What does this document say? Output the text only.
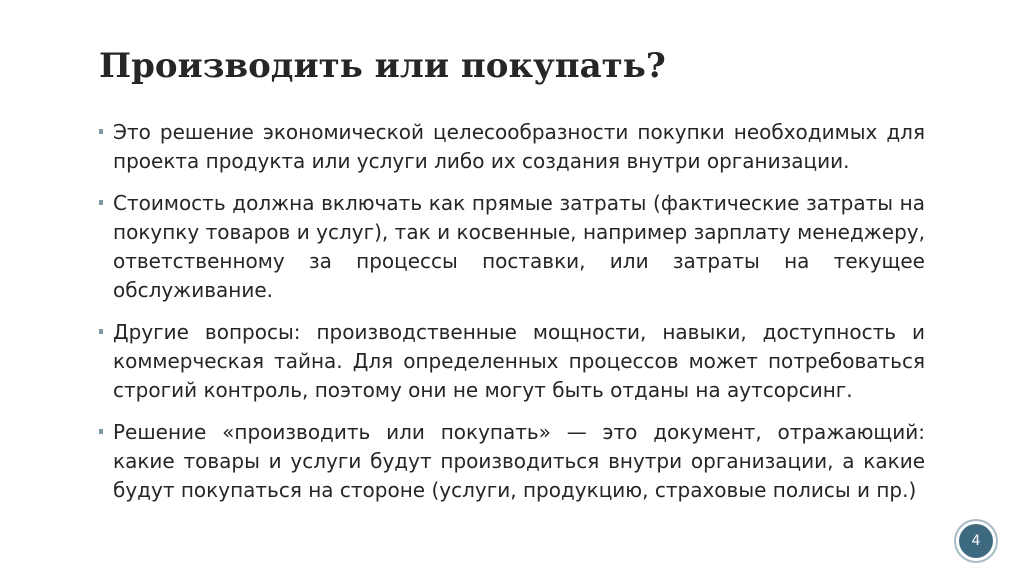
Производить или покупать?
Это решение экономической целесообразности покупки необходимых для проекта продукта или услуги либо их создания внутри организации.
Стоимость должна включать как прямые затраты (фактические затраты на покупку товаров и услуг), так и косвенные, например зарплату менеджеру, ответственному за процессы поставки, или затраты на текущее обслуживание.
Другие вопросы: производственные мощности, навыки, доступность и коммерческая тайна. Для определенных процессов может потребоваться строгий контроль, поэтому они не могут быть отданы на аутсорсинг.
Решение «производить или покупать» — это документ, отражающий: какие товары и услуги будут производиться внутри организации, а какие будут покупаться на стороне (услуги, продукцию, страховые полисы и пр.)
4
